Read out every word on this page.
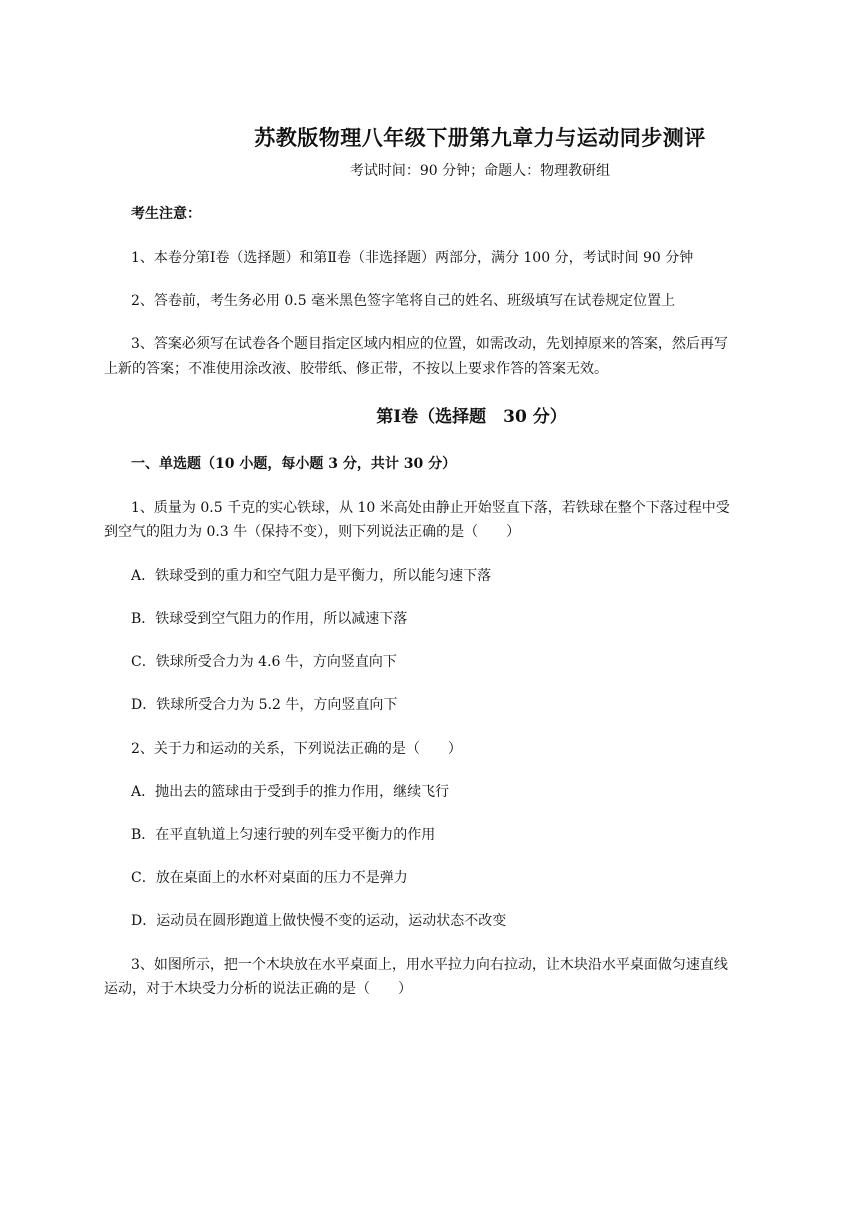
苏教版物理八年级下册第九章力与运动同步测评
考试时间：90 分钟；命题人：物理教研组
考生注意：
1、本卷分第Ⅰ卷（选择题）和第Ⅱ卷（非选择题）两部分，满分 100 分，考试时间 90 分钟
2、答卷前，考生务必用 0.5 毫米黑色签字笔将自己的姓名、班级填写在试卷规定位置上
3、答案必须写在试卷各个题目指定区域内相应的位置，如需改动，先划掉原来的答案，然后再写
上新的答案；不准使用涂改液、胶带纸、修正带，不按以上要求作答的答案无效。
第Ⅰ卷（选择题　30 分）
一、单选题（10 小题，每小题 3 分，共计 30 分）
1、质量为 0.5 千克的实心铁球，从 10 米高处由静止开始竖直下落，若铁球在整个下落过程中受
到空气的阻力为 0.3 牛（保持不变），则下列说法正确的是（　　）
A．铁球受到的重力和空气阻力是平衡力，所以能匀速下落
B．铁球受到空气阻力的作用，所以减速下落
C．铁球所受合力为 4.6 牛，方向竖直向下
D．铁球所受合力为 5.2 牛，方向竖直向下
2、关于力和运动的关系，下列说法正确的是（　　）
A．抛出去的篮球由于受到手的推力作用，继续飞行
B．在平直轨道上匀速行驶的列车受平衡力的作用
C．放在桌面上的水杯对桌面的压力不是弹力
D．运动员在圆形跑道上做快慢不变的运动，运动状态不改变
3、如图所示，把一个木块放在水平桌面上，用水平拉力向右拉动，让木块沿水平桌面做匀速直线
运动，对于木块受力分析的说法正确的是（　　）
